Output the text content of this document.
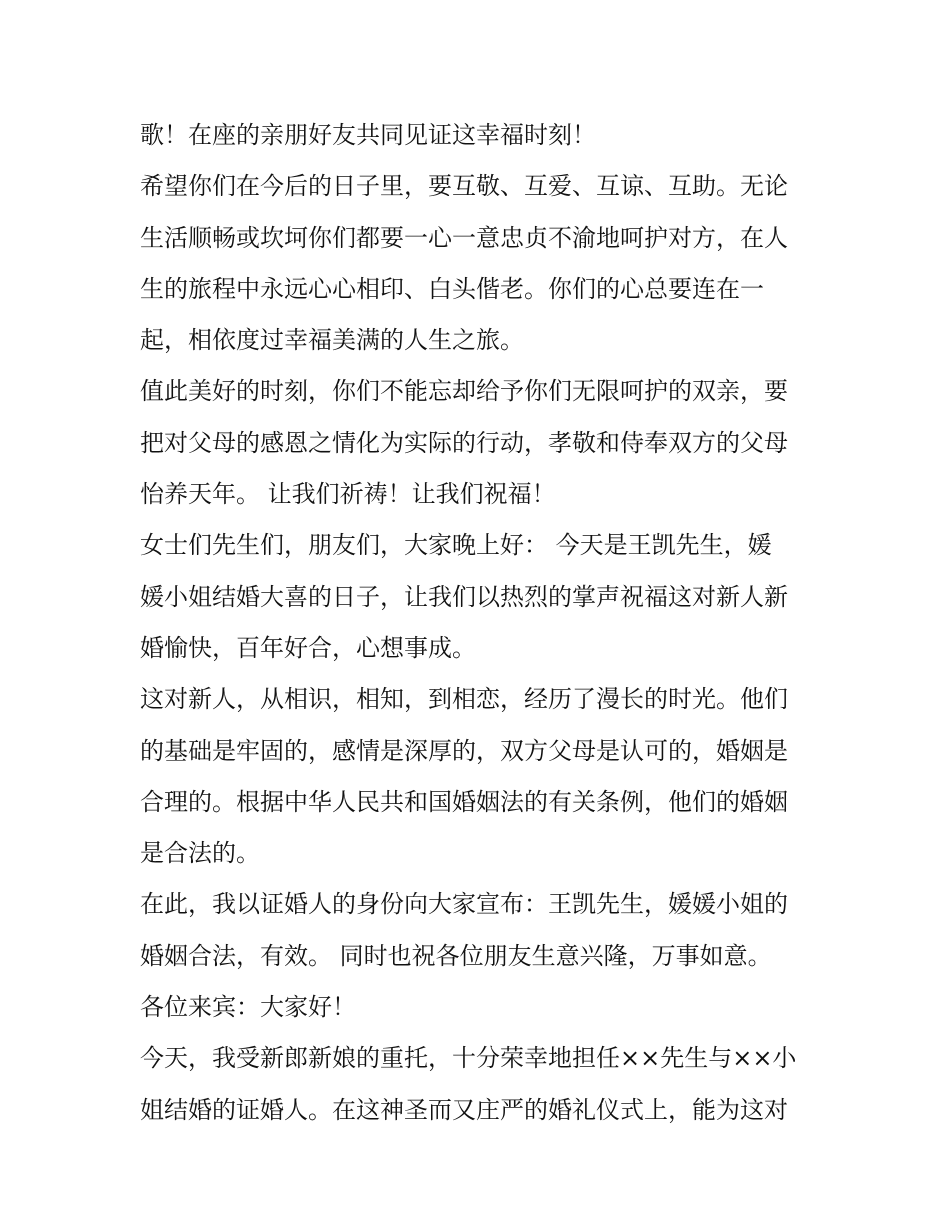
歌！在座的亲朋好友共同见证这幸福时刻！
希望你们在今后的日子里，要互敬、互爱、互谅、互助。无论
生活顺畅或坎坷你们都要一心一意忠贞不渝地呵护对方，在人
生的旅程中永远心心相印、白头偕老。你们的心总要连在一
起，相依度过幸福美满的人生之旅。
值此美好的时刻，你们不能忘却给予你们无限呵护的双亲，要
把对父母的感恩之情化为实际的行动，孝敬和侍奉双方的父母
怡养天年。 让我们祈祷！让我们祝福！
女士们先生们，朋友们，大家晚上好： 今天是王凯先生，媛
媛小姐结婚大喜的日子，让我们以热烈的掌声祝福这对新人新
婚愉快，百年好合，心想事成。
这对新人，从相识，相知，到相恋，经历了漫长的时光。他们
的基础是牢固的，感情是深厚的，双方父母是认可的，婚姻是
合理的。根据中华人民共和国婚姻法的有关条例，他们的婚姻
是合法的。
在此，我以证婚人的身份向大家宣布：王凯先生，媛媛小姐的
婚姻合法，有效。 同时也祝各位朋友生意兴隆，万事如意。
各位来宾：大家好！
今天，我受新郎新娘的重托，十分荣幸地担任××先生与××小
姐结婚的证婚人。在这神圣而又庄严的婚礼仪式上，能为这对
